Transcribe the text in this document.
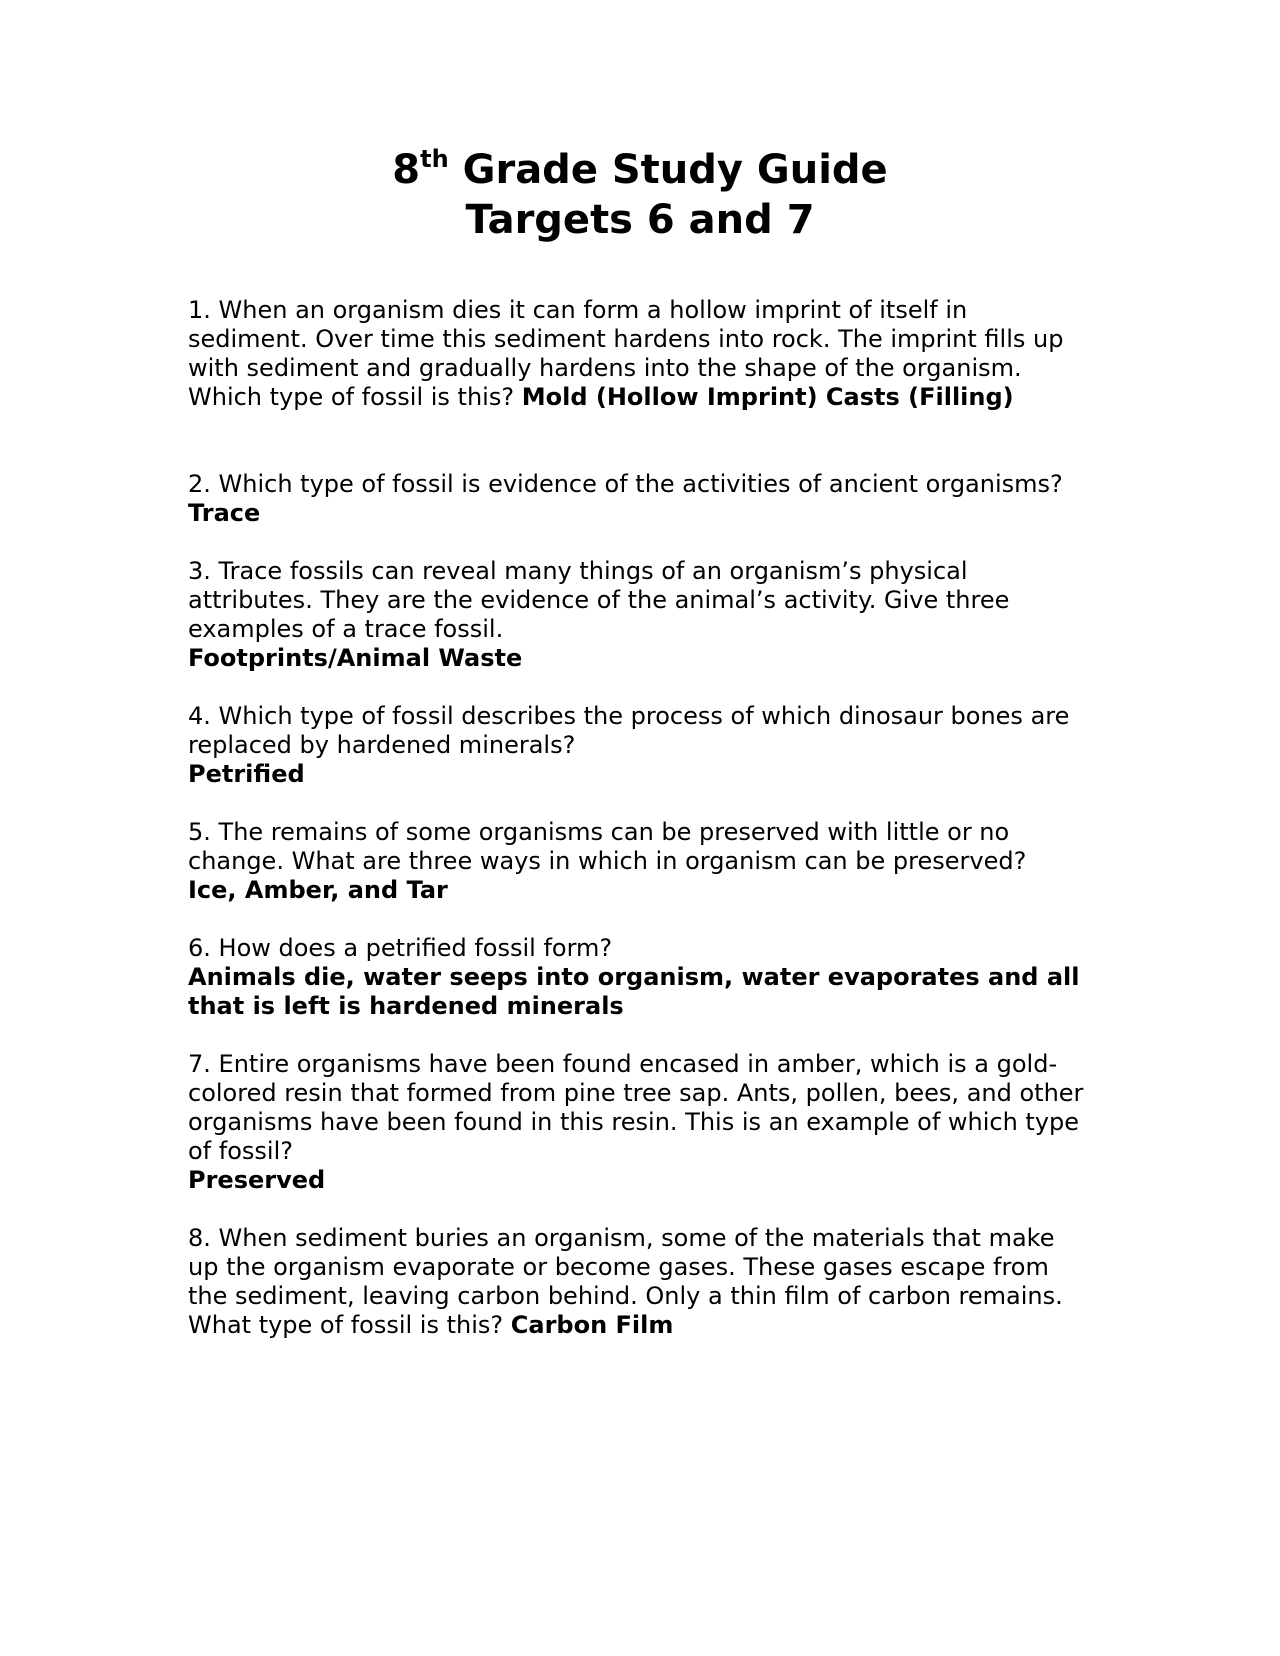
8th Grade Study Guide
Targets 6 and 7

1. When an organism dies it can form a hollow imprint of itself in sediment. Over time this sediment hardens into rock. The imprint fills up with sediment and gradually hardens into the shape of the organism. Which type of fossil is this? Mold (Hollow Imprint) Casts (Filling)

2. Which type of fossil is evidence of the activities of ancient organisms?

Trace

3. Trace fossils can reveal many things of an organism’s physical attributes. They are the evidence of the animal’s activity. Give three examples of a trace fossil.

Footprints/Animal Waste

4. Which type of fossil describes the process of which dinosaur bones are replaced by hardened minerals?

Petrified

5. The remains of some organisms can be preserved with little or no change. What are three ways in which in organism can be preserved?

Ice, Amber, and Tar

6. How does a petrified fossil form?

Animals die, water seeps into organism, water evaporates and all that is left is hardened minerals

7. Entire organisms have been found encased in amber, which is a gold-colored resin that formed from pine tree sap. Ants, pollen, bees, and other organisms have been found in this resin. This is an example of which type of fossil?

Preserved

8. When sediment buries an organism, some of the materials that make up the organism evaporate or become gases. These gases escape from the sediment, leaving carbon behind. Only a thin film of carbon remains. What type of fossil is this? Carbon Film
